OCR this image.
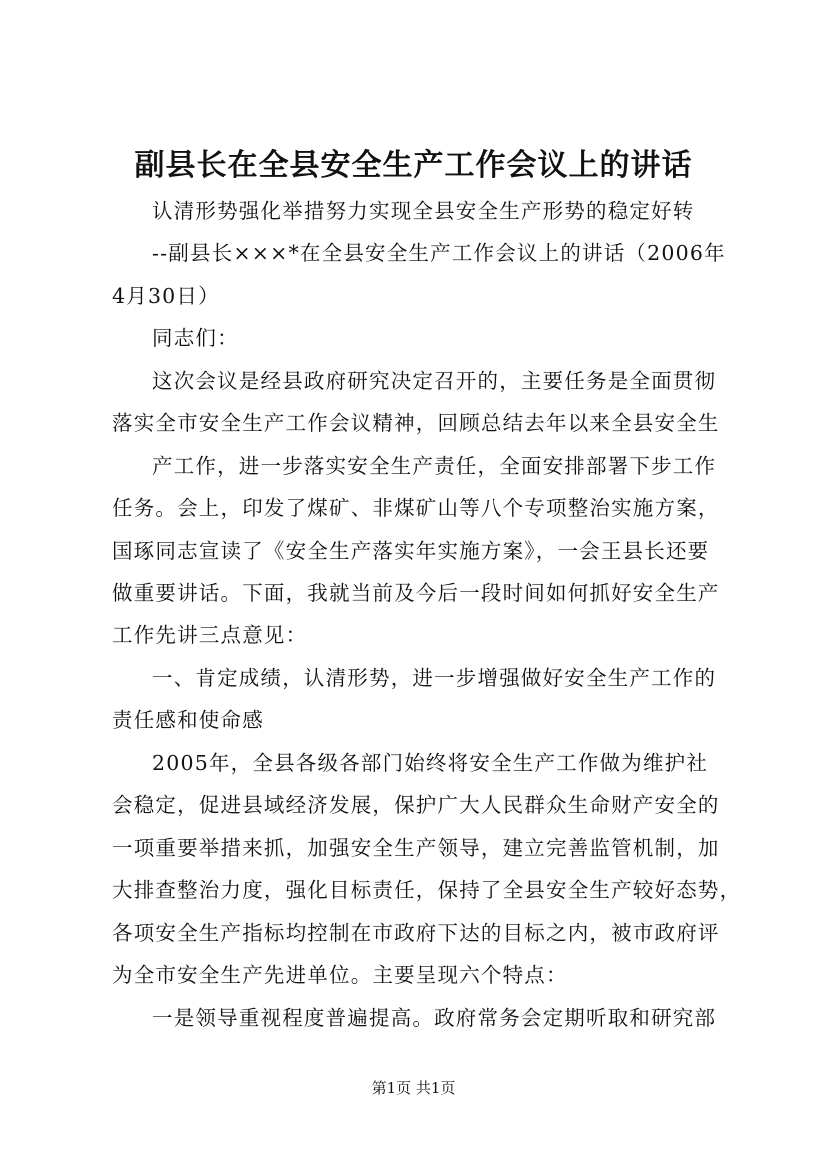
副县长在全县安全生产工作会议上的讲话
认清形势强化举措努力实现全县安全生产形势的稳定好转
--副县长×××*在全县安全生产工作会议上的讲话（2006年
4月30日）
同志们：
这次会议是经县政府研究决定召开的，主要任务是全面贯彻
落实全市安全生产工作会议精神，回顾总结去年以来全县安全生
产工作，进一步落实安全生产责任，全面安排部署下步工作
任务。会上，印发了煤矿、非煤矿山等八个专项整治实施方案，
国琢同志宣读了《安全生产落实年实施方案》，一会王县长还要
做重要讲话。下面，我就当前及今后一段时间如何抓好安全生产
工作先讲三点意见：
一、肯定成绩，认清形势，进一步增强做好安全生产工作的
责任感和使命感
2005年，全县各级各部门始终将安全生产工作做为维护社
会稳定，促进县域经济发展，保护广大人民群众生命财产安全的
一项重要举措来抓，加强安全生产领导，建立完善监管机制，加
大排查整治力度，强化目标责任，保持了全县安全生产较好态势，
各项安全生产指标均控制在市政府下达的目标之内，被市政府评
为全市安全生产先进单位。主要呈现六个特点：
一是领导重视程度普遍提高。政府常务会定期听取和研究部
第1页 共1页
